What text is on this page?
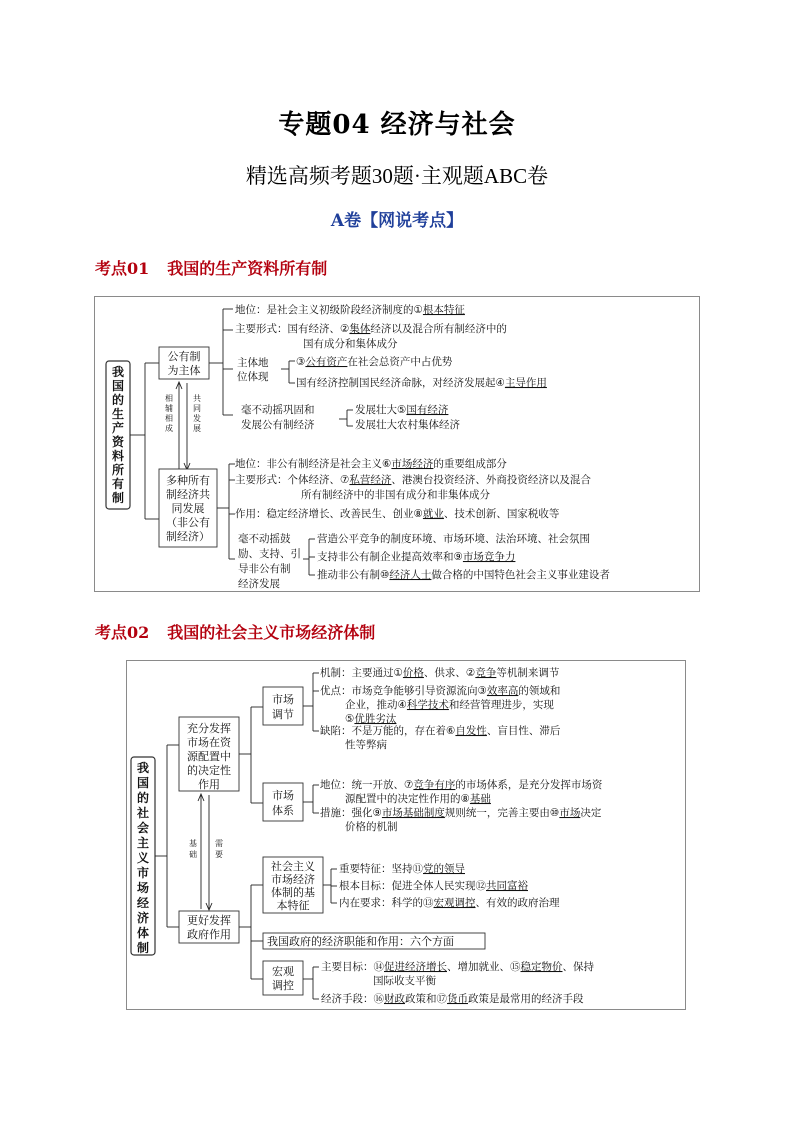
专题04 经济与社会
精选高频考题30题·主观题ABC卷
A卷【网说考点】
考点01 我国的生产资料所有制
我
国
的
生
产
资
料
所
有
制
公有制
为主体
相
辅
相
成
共
同
发
展
地位：是社会主义初级阶段经济制度的①根本特征
主要形式：国有经济、②集体经济以及混合所有制经济中的
国有成分和集体成分
主体地
位体现
③公有资产在社会总资产中占优势
国有经济控制国民经济命脉，对经济发展起④主导作用
毫不动摇巩固和
发展公有制经济
发展壮大⑤国有经济
发展壮大农村集体经济
多种所有
制经济共
同发展
（非公有
制经济）
地位：非公有制经济是社会主义⑥市场经济的重要组成部分
主要形式：个体经济、⑦私营经济、港澳台投资经济、外商投资经济以及混合
所有制经济中的非国有成分和非集体成分
作用：稳定经济增长、改善民生、创业⑧就业、技术创新、国家税收等
毫不动摇鼓
励、支持、引
导非公有制
经济发展
营造公平竞争的制度环境、市场环境、法治环境、社会氛围
支持非公有制企业提高效率和⑨市场竞争力
推动非公有制⑩经济人士做合格的中国特色社会主义事业建设者
考点02 我国的社会主义市场经济体制
我
国
的
社
会
主
义
市
场
经
济
体
制
充分发挥
市场在资
源配置中
的决定性
作用
基
础
需
要
市场
调节
机制：主要通过①价格、供求、②竞争等机制来调节
优点：市场竞争能够引导资源流向③效率高的领域和
企业，推动④科学技术和经营管理进步，实现
⑤优胜劣汰
缺陷：不是万能的，存在着⑥自发性、盲目性、滞后
性等弊病
市场
体系
地位：统一开放、⑦竞争有序的市场体系，是充分发挥市场资
源配置中的决定性作用的⑧基础
措施：强化⑨市场基础制度规则统一，完善主要由⑩市场决定
价格的机制
更好发挥
政府作用
社会主义
市场经济
体制的基
本特征
重要特征：坚持⑪党的领导
根本目标：促进全体人民实现⑫共同富裕
内在要求：科学的⑬宏观调控、有效的政府治理
我国政府的经济职能和作用：六个方面
宏观
调控
主要目标：⑭促进经济增长、增加就业、⑮稳定物价、保持
国际收支平衡
经济手段：⑯财政政策和⑰货币政策是最常用的经济手段
